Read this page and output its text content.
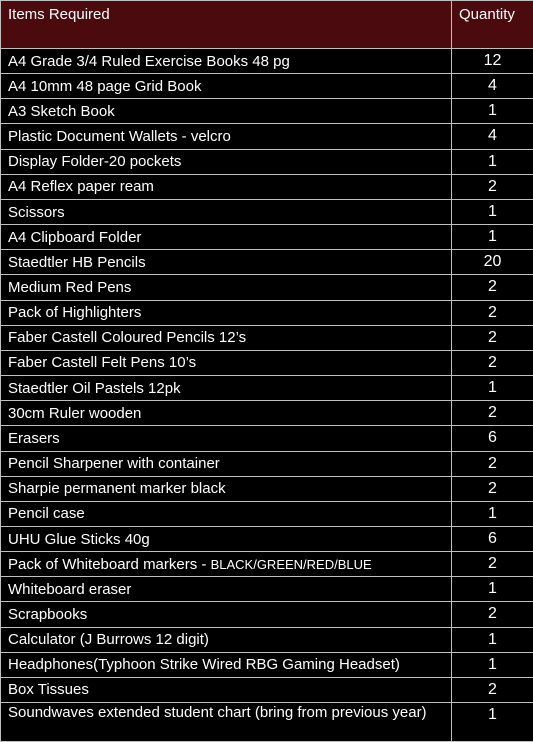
Items Required	Quantity
A4 Grade 3/4 Ruled Exercise Books 48 pg	12
A4 10mm 48 page Grid Book	4
A3 Sketch Book	1
Plastic Document Wallets - velcro	4
Display Folder-20 pockets	1
A4 Reflex paper ream	2
Scissors	1
A4 Clipboard Folder	1
Staedtler HB Pencils	20
Medium Red Pens	2
Pack of Highlighters	2
Faber Castell Coloured Pencils 12’s	2
Faber Castell Felt Pens 10’s	2
Staedtler Oil Pastels 12pk	1
30cm Ruler wooden	2
Erasers	6
Pencil Sharpener with container	2
Sharpie permanent marker black	2
Pencil case	1
UHU Glue Sticks 40g	6
Pack of Whiteboard markers - BLACK/GREEN/RED/BLUE	2
Whiteboard eraser	1
Scrapbooks	2
Calculator (J Burrows 12 digit)	1
Headphones(Typhoon Strike Wired RBG Gaming Headset)	1
Box Tissues	2
Soundwaves extended student chart (bring from previous year)	1
